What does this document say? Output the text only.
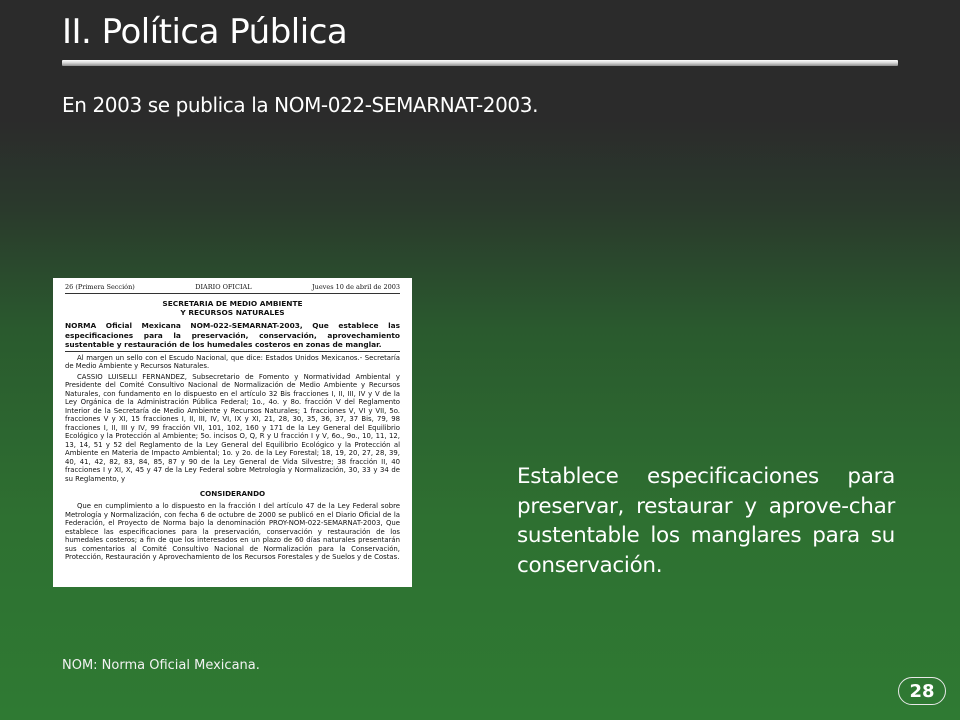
II. Política Pública
En 2003 se publica la NOM-022-SEMARNAT-2003.
26 (Primera Sección)	DIARIO OFICIAL	Jueves 10 de abril de 2003
SECRETARIA DE MEDIO AMBIENTE
Y RECURSOS NATURALES
NORMA Oficial Mexicana NOM-022-SEMARNAT-2003, Que establece las especificaciones para la preservación, conservación, aprovechamiento sustentable y restauración de los humedales costeros en zonas de manglar.

Al margen un sello con el Escudo Nacional, que dice: Estados Unidos Mexicanos.- Secretaría de Medio Ambiente y Recursos Naturales.

CASSIO LUISELLI FERNANDEZ, Subsecretario de Fomento y Normatividad Ambiental y Presidente del Comité Consultivo Nacional de Normalización de Medio Ambiente y Recursos Naturales, con fundamento en lo dispuesto en el artículo 32 Bis fracciones I, II, III, IV y V de la Ley Orgánica de la Administración Pública Federal; 1o., 4o. y 8o. fracción V del Reglamento Interior de la Secretaría de Medio Ambiente y Recursos Naturales; 1 fracciones V, VI y VII, 5o. fracciones V y XI, 15 fracciones I, II, III, IV, VI, IX y XI, 21, 28, 30, 35, 36, 37, 37 Bis, 79, 98 fracciones I, II, III y IV, 99 fracción VII, 101, 102, 160 y 171 de la Ley General del Equilibrio Ecológico y la Protección al Ambiente; 5o. incisos O, Q, R y U fracción I y V, 6o., 9o., 10, 11, 12, 13, 14, 51 y 52 del Reglamento de la Ley General del Equilibrio Ecológico y la Protección al Ambiente en Materia de Impacto Ambiental; 1o. y 2o. de la Ley Forestal; 18, 19, 20, 27, 28, 39, 40, 41, 42, 82, 83, 84, 85, 87 y 90 de la Ley General de Vida Silvestre; 38 fracción II, 40 fracciones I y XI, X, 45 y 47 de la Ley Federal sobre Metrología y Normalización, 30, 33 y 34 de su Reglamento, y

CONSIDERANDO

Que en cumplimiento a lo dispuesto en la fracción I del artículo 47 de la Ley Federal sobre Metrología y Normalización, con fecha 6 de octubre de 2000 se publicó en el Diario Oficial de la Federación, el Proyecto de Norma bajo la denominación PROY-NOM-022-SEMARNAT-2003, Que establece las especificaciones para la preservación, conservación y restauración de los humedales costeros; a fin de que los interesados en un plazo de 60 días naturales presentarán sus comentarios al Comité Consultivo Nacional de Normalización para la Conservación, Protección, Restauración y Aprovechamiento de los Recursos Forestales y de Suelos y de Costas.

Establece especificaciones para preservar, restaurar y aprove-char sustentable los manglares para su conservación.
NOM: Norma Oficial Mexicana.
28
